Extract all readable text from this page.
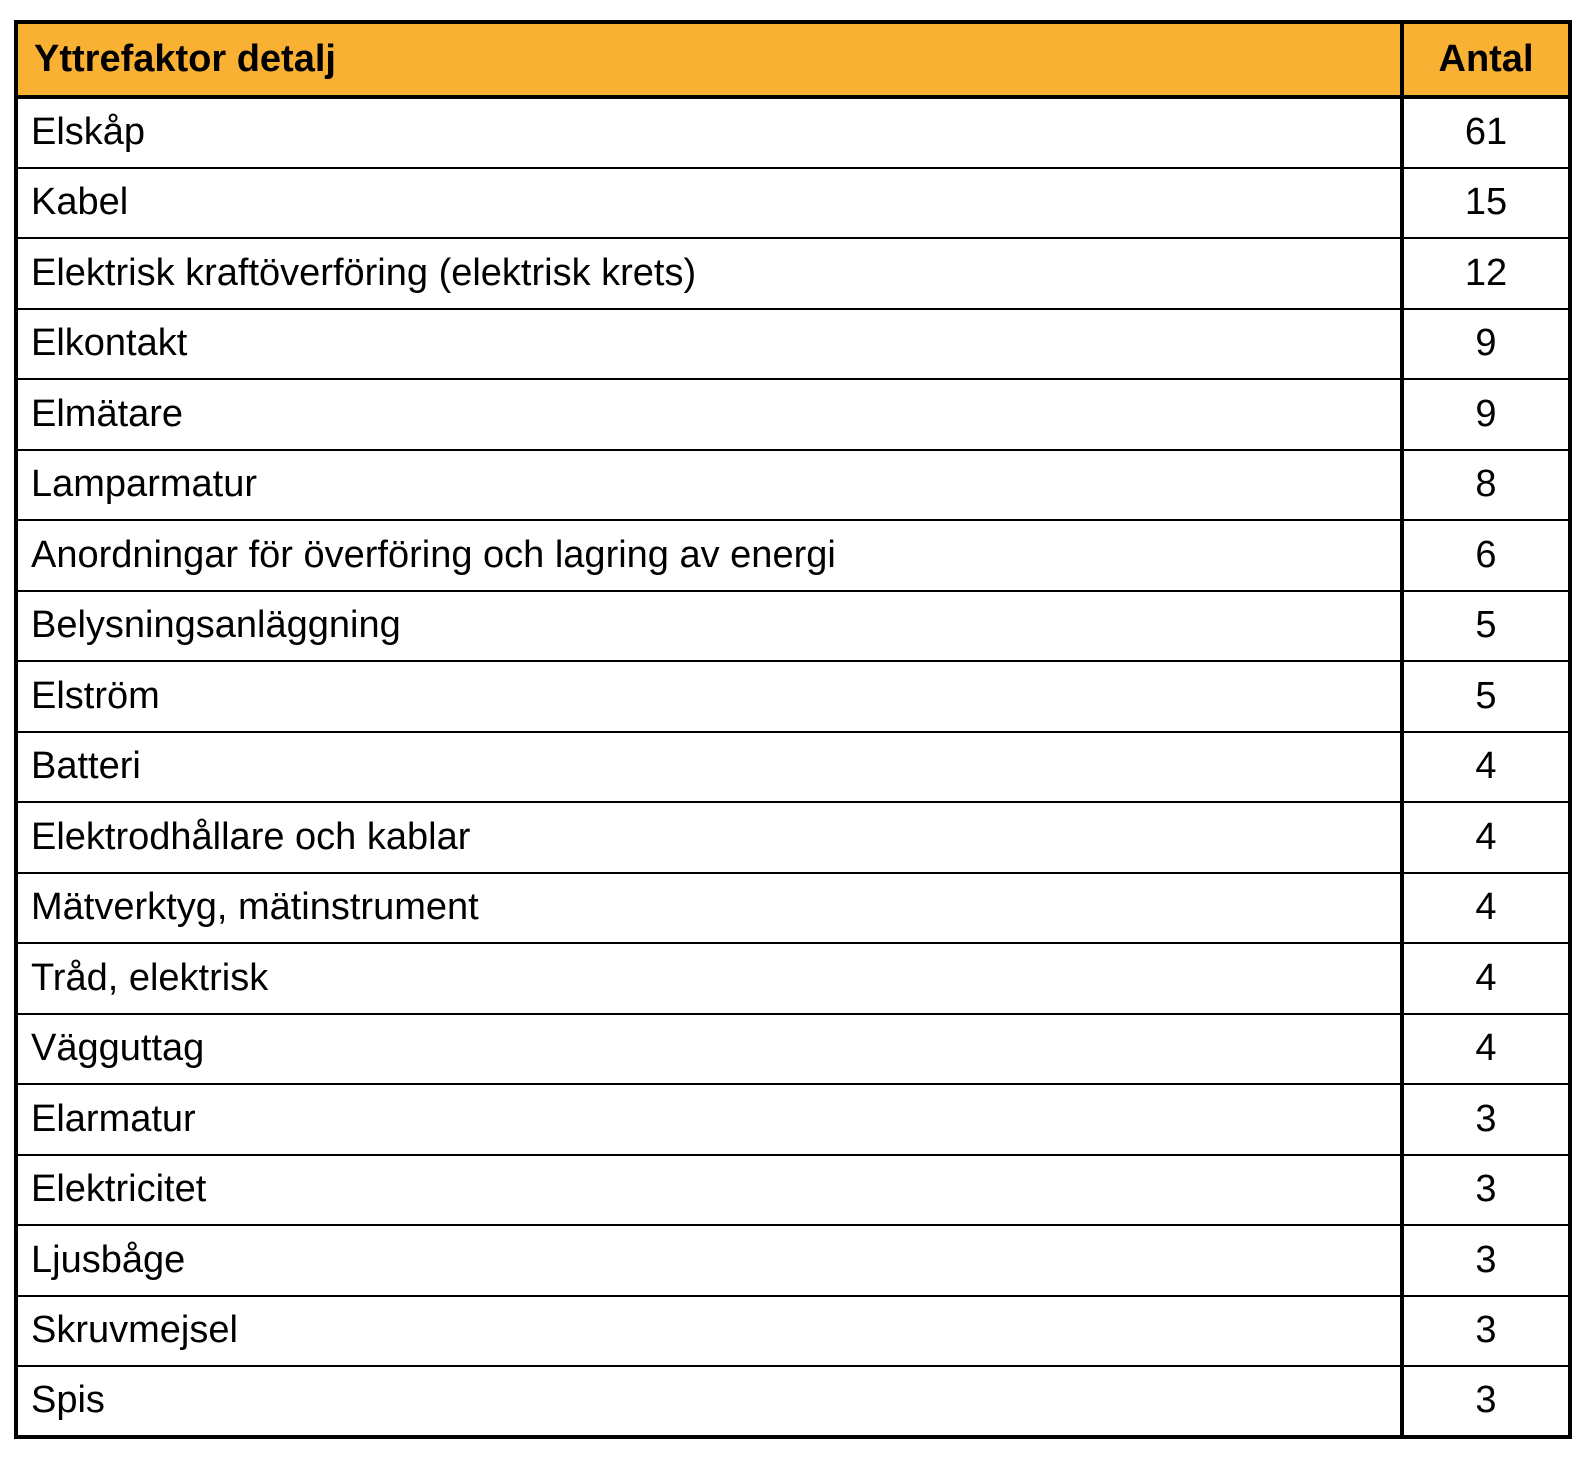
Yttrefaktor detalj	Antal
Elskåp	61
Kabel	15
Elektrisk kraftöverföring (elektrisk krets)	12
Elkontakt	9
Elmätare	9
Lamparmatur	8
Anordningar för överföring och lagring av energi	6
Belysningsanläggning	5
Elström	5
Batteri	4
Elektrodhållare och kablar	4
Mätverktyg, mätinstrument	4
Tråd, elektrisk	4
Vägguttag	4
Elarmatur	3
Elektricitet	3
Ljusbåge	3
Skruvmejsel	3
Spis	3
